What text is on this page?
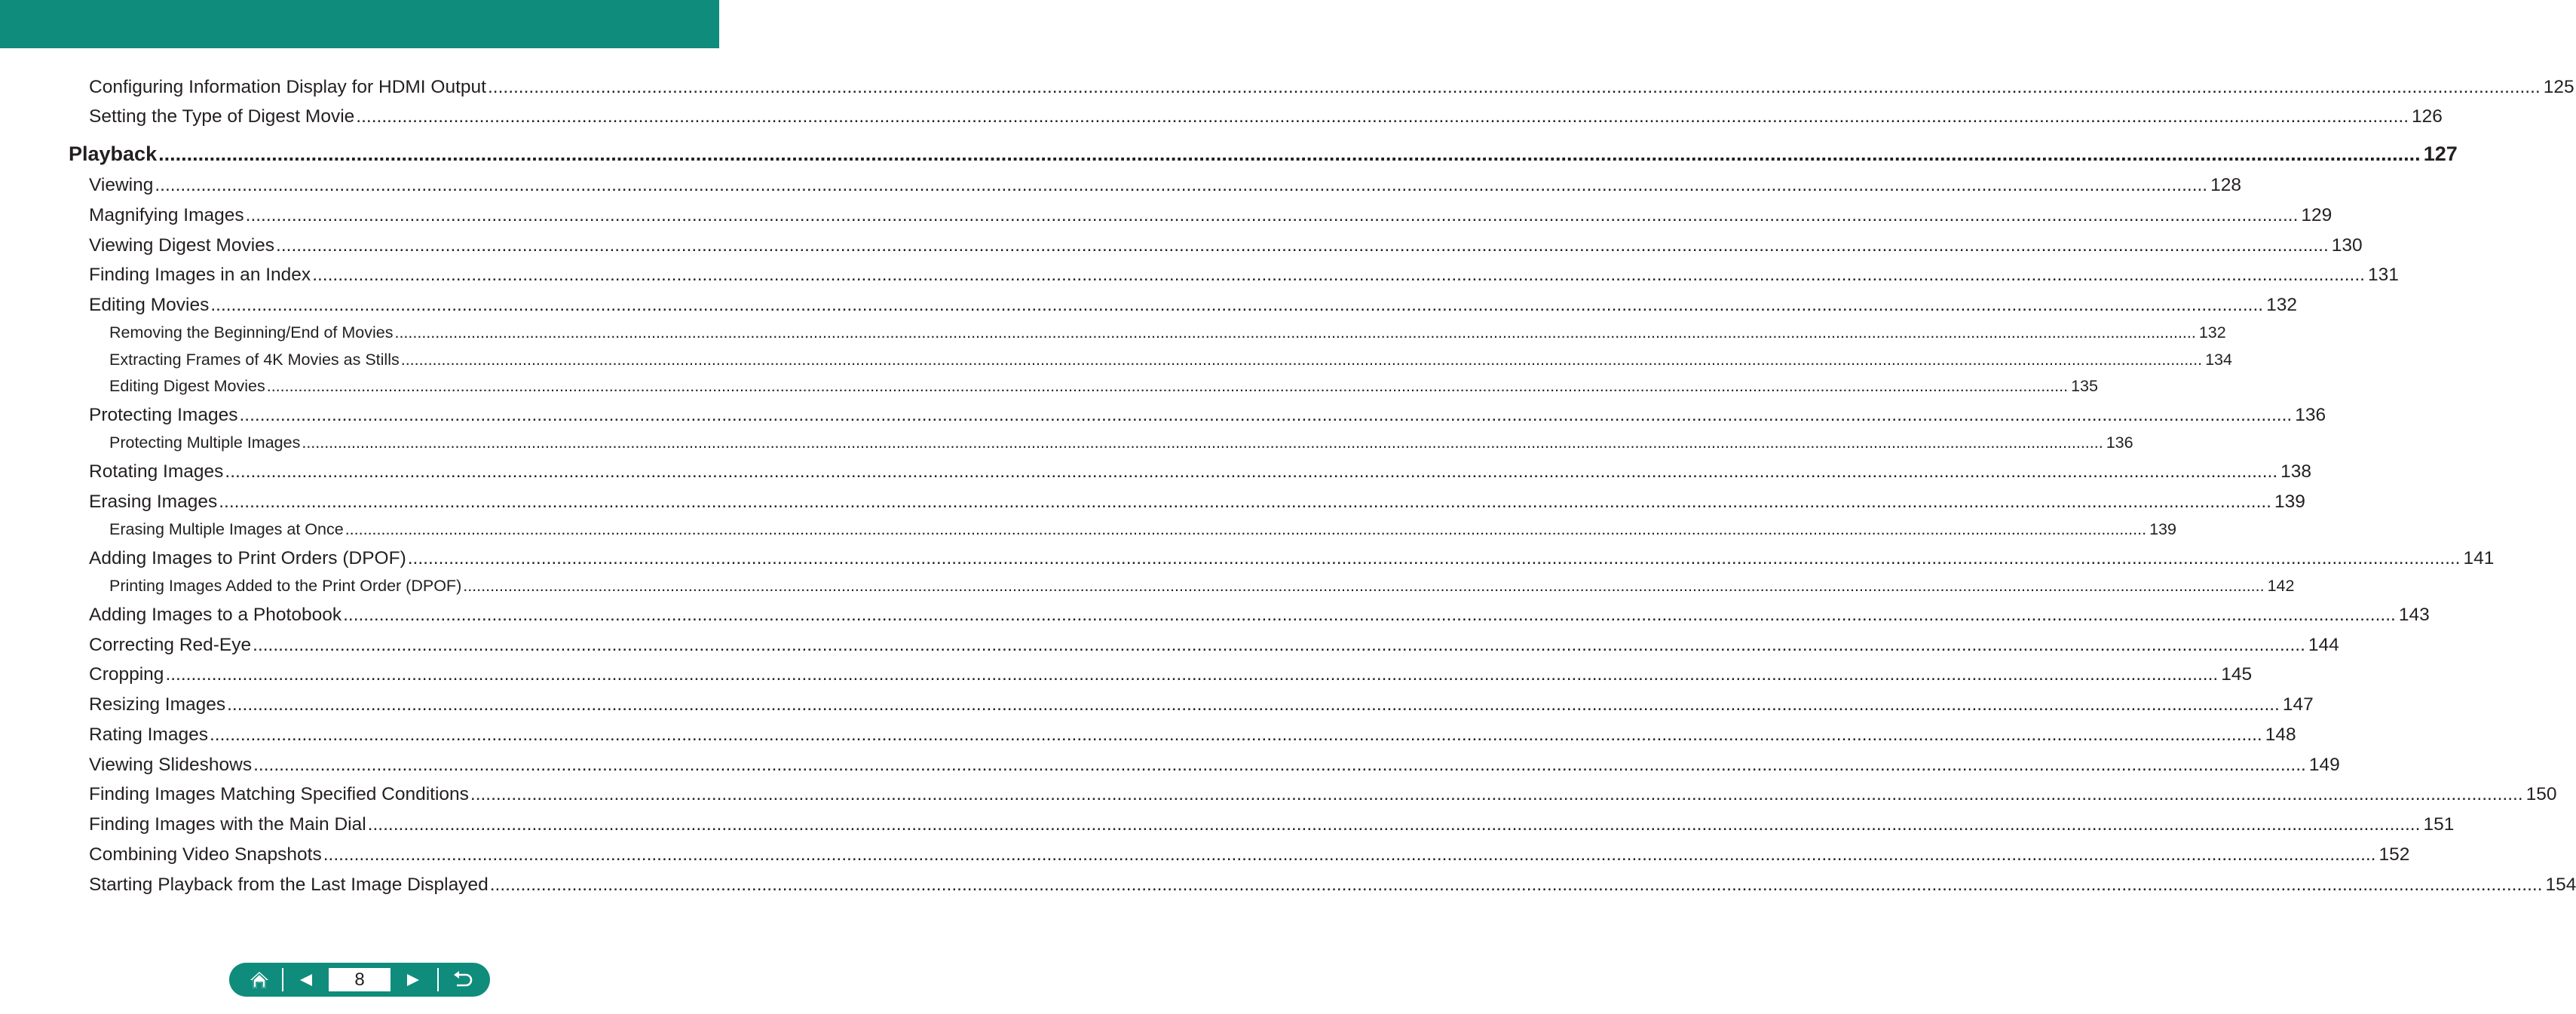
Configuring Information Display for HDMI Output ................................................................................................................................................................................................................................................................................................................................................................................................................ 125
Setting the Type of Digest Movie ................................................................................................................................................................................................................................................................................................................................................................................................................ 126
Playback ................................................................................................................................................................................................................................................................................................................................................................................................................ 127
Viewing ................................................................................................................................................................................................................................................................................................................................................................................................................ 128
Magnifying Images ................................................................................................................................................................................................................................................................................................................................................................................................................ 129
Viewing Digest Movies ................................................................................................................................................................................................................................................................................................................................................................................................................ 130
Finding Images in an Index ................................................................................................................................................................................................................................................................................................................................................................................................................ 131
Editing Movies ................................................................................................................................................................................................................................................................................................................................................................................................................ 132
Removing the Beginning/End of Movies ................................................................................................................................................................................................................................................................................................................................................................................................................ 132
Extracting Frames of 4K Movies as Stills ................................................................................................................................................................................................................................................................................................................................................................................................................ 134
Editing Digest Movies ................................................................................................................................................................................................................................................................................................................................................................................................................ 135
Protecting Images ................................................................................................................................................................................................................................................................................................................................................................................................................ 136
Protecting Multiple Images ................................................................................................................................................................................................................................................................................................................................................................................................................ 136
Rotating Images ................................................................................................................................................................................................................................................................................................................................................................................................................ 138
Erasing Images ................................................................................................................................................................................................................................................................................................................................................................................................................ 139
Erasing Multiple Images at Once ................................................................................................................................................................................................................................................................................................................................................................................................................ 139
Adding Images to Print Orders (DPOF) ................................................................................................................................................................................................................................................................................................................................................................................................................ 141
Printing Images Added to the Print Order (DPOF) ................................................................................................................................................................................................................................................................................................................................................................................................................ 142
Adding Images to a Photobook ................................................................................................................................................................................................................................................................................................................................................................................................................ 143
Correcting Red-Eye ................................................................................................................................................................................................................................................................................................................................................................................................................ 144
Cropping ................................................................................................................................................................................................................................................................................................................................................................................................................ 145
Resizing Images ................................................................................................................................................................................................................................................................................................................................................................................................................ 147
Rating Images ................................................................................................................................................................................................................................................................................................................................................................................................................ 148
Viewing Slideshows ................................................................................................................................................................................................................................................................................................................................................................................................................ 149
Finding Images Matching Specified Conditions ................................................................................................................................................................................................................................................................................................................................................................................................................ 150
Finding Images with the Main Dial ................................................................................................................................................................................................................................................................................................................................................................................................................ 151
Combining Video Snapshots ................................................................................................................................................................................................................................................................................................................................................................................................................ 152
Starting Playback from the Last Image Displayed ................................................................................................................................................................................................................................................................................................................................................................................................................ 154
8
